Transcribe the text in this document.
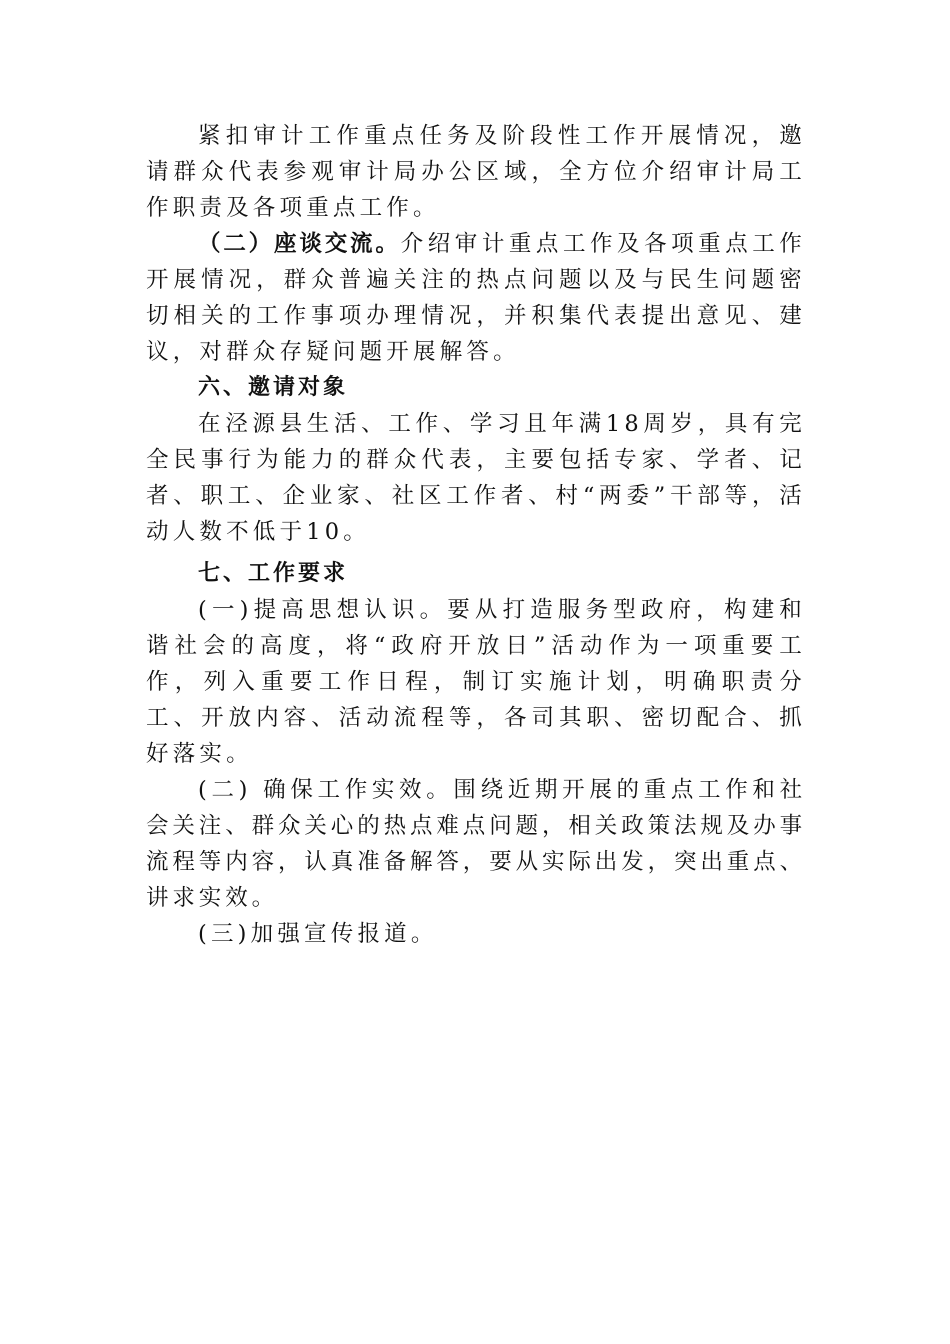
紧扣审计工作重点任务及阶段性工作开展情况，邀请群众代表参观审计局办公区域，全方位介绍审计局工作职责及各项重点工作。

（二）座谈交流。介绍审计重点工作及各项重点工作开展情况，群众普遍关注的热点问题以及与民生问题密切相关的工作事项办理情况，并积集代表提出意见、建议，对群众存疑问题开展解答。

六、邀请对象

在泾源县生活、工作、学习且年满18周岁，具有完全民事行为能力的群众代表，主要包括专家、学者、记者、职工、企业家、社区工作者、村“两委”干部等，活动人数不低于10。

七、工作要求

(一)提高思想认识。要从打造服务型政府，构建和谐社会的高度，将“政府开放日”活动作为一项重要工作，列入重要工作日程，制订实施计划，明确职责分工、开放内容、活动流程等，各司其职、密切配合、抓好落实。

(二) 确保工作实效。围绕近期开展的重点工作和社会关注、群众关心的热点难点问题，相关政策法规及办事流程等内容，认真准备解答，要从实际出发，突出重点、讲求实效。

(三)加强宣传报道。
